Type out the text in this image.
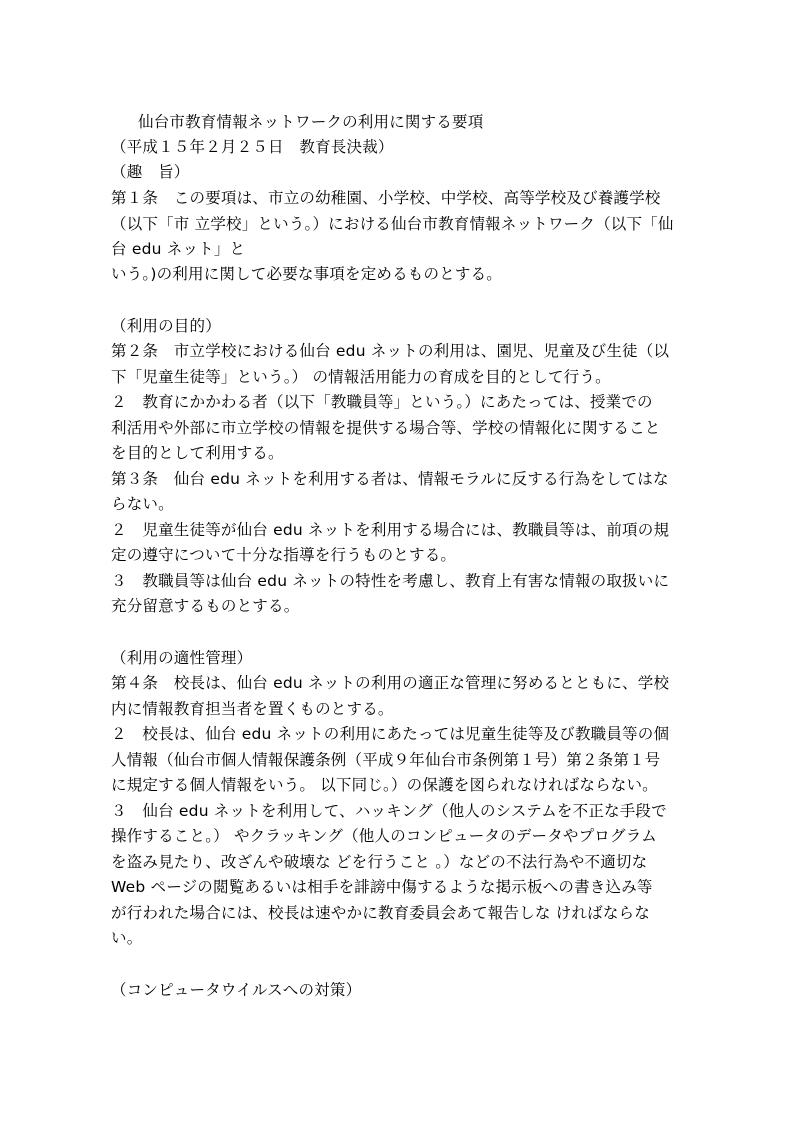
仙台市教育情報ネットワークの利用に関する要項
（平成１５年２月２５日　教育長決裁）
（趣　旨）
第１条　この要項は、市立の幼稚園、小学校、中学校、高等学校及び養護学校
（以下「市 立学校」という。）における仙台市教育情報ネットワーク（以下「仙
台 edu ネット」と
いう。)の利用に関して必要な事項を定めるものとする。
（利用の目的）
第２条　市立学校における仙台 edu ネットの利用は、園児、児童及び生徒（以
下「児童生徒等」という。） の情報活用能力の育成を目的として行う。
２　教育にかかわる者（以下「教職員等」という。）にあたっては、授業での
利活用や外部に市立学校の情報を提供する場合等、学校の情報化に関すること
を目的として利用する。
第３条　仙台 edu ネットを利用する者は、情報モラルに反する行為をしてはな
らない。
２　児童生徒等が仙台 edu ネットを利用する場合には、教職員等は、前項の規
定の遵守について十分な指導を行うものとする。
３　教職員等は仙台 edu ネットの特性を考慮し、教育上有害な情報の取扱いに
充分留意するものとする。
（利用の適性管理）
第４条　校長は、仙台 edu ネットの利用の適正な管理に努めるとともに、学校
内に情報教育担当者を置くものとする。
２　校長は、仙台 edu ネットの利用にあたっては児童生徒等及び教職員等の個
人情報（仙台市個人情報保護条例（平成９年仙台市条例第１号）第２条第１号
に規定する個人情報をいう。 以下同じ。）の保護を図られなければならない。
３　仙台 edu ネットを利用して、ハッキング（他人のシステムを不正な手段で
操作すること。） やクラッキング（他人のコンピュータのデータやプログラム
を盗み見たり、改ざんや破壊な どを行うこと 。）などの不法行為や不適切な
Web ページの閲覧あるいは相手を誹謗中傷するような掲示板への書き込み等
が行われた場合には、校長は速やかに教育委員会あて報告しな ければならな
い。
（コンピュータウイルスへの対策）
